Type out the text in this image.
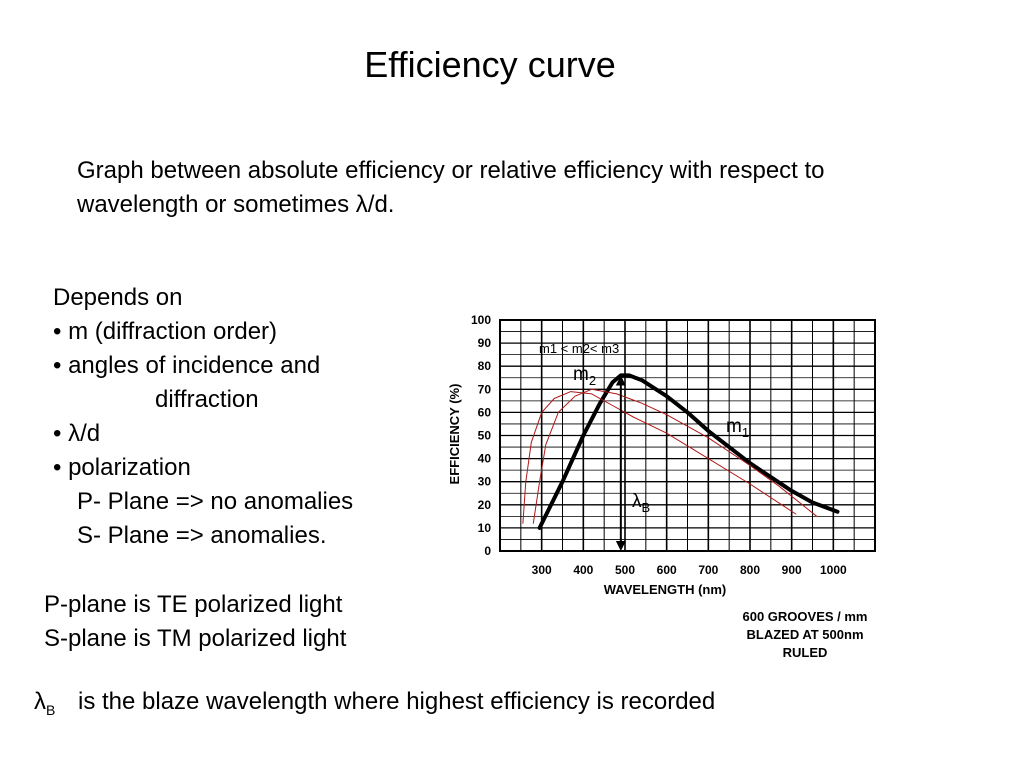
Efficiency curve
Graph between absolute efficiency or relative efficiency with respect to wavelength or sometimes λ/d.
Depends on
• m (diffraction order)
• angles of incidence and
diffraction
• λ/d
• polarization
P- Plane => no anomalies
S- Plane => anomalies.
P-plane is TE polarized light
S-plane is TM polarized light
$\lambda_B$ is the blaze wavelength where highest efficiency is recorded
0
10
20
30
40
50
60
70
80
90
100
300 400 500 600 700 800 900 1000
WAVELENGTH (nm)
EFFICIENCY (%)
m1 < m2< m3
$m_2$
$m_1$
$\lambda_B$
600 GROOVES / mm
BLAZED AT 500nm
RULED
